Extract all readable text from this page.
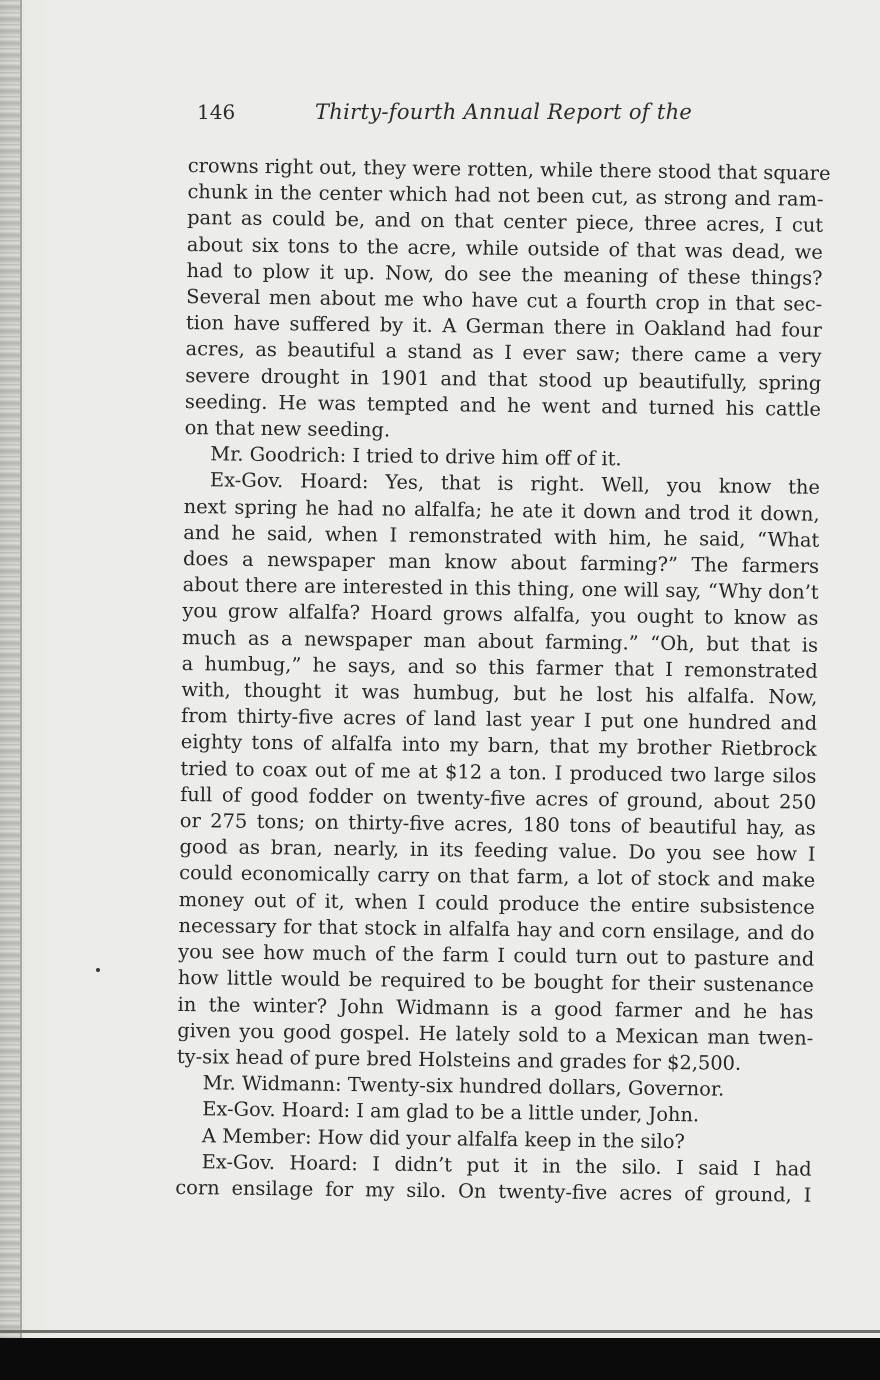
146	Thirty-fourth Annual Report of the
crowns right out, they were rotten, while there stood that square
chunk in the center which had not been cut, as strong and ram-
pant as could be, and on that center piece, three acres, I cut
about six tons to the acre, while outside of that was dead, we
had to plow it up. Now, do see the meaning of these things?
Several men about me who have cut a fourth crop in that sec-
tion have suffered by it. A German there in Oakland had four
acres, as beautiful a stand as I ever saw; there came a very
severe drought in 1901 and that stood up beautifully, spring
seeding. He was tempted and he went and turned his cattle
on that new seeding.
Mr. Goodrich: I tried to drive him off of it.
Ex-Gov. Hoard: Yes, that is right. Well, you know the
next spring he had no alfalfa; he ate it down and trod it down,
and he said, when I remonstrated with him, he said, “What
does a newspaper man know about farming?” The farmers
about there are interested in this thing, one will say, “Why don’t
you grow alfalfa? Hoard grows alfalfa, you ought to know as
much as a newspaper man about farming.” “Oh, but that is
a humbug,” he says, and so this farmer that I remonstrated
with, thought it was humbug, but he lost his alfalfa. Now,
from thirty-five acres of land last year I put one hundred and
eighty tons of alfalfa into my barn, that my brother Rietbrock
tried to coax out of me at $12 a ton. I produced two large silos
full of good fodder on twenty-five acres of ground, about 250
or 275 tons; on thirty-five acres, 180 tons of beautiful hay, as
good as bran, nearly, in its feeding value. Do you see how I
could economically carry on that farm, a lot of stock and make
money out of it, when I could produce the entire subsistence
necessary for that stock in alfalfa hay and corn ensilage, and do
you see how much of the farm I could turn out to pasture and
how little would be required to be bought for their sustenance
in the winter? John Widmann is a good farmer and he has
given you good gospel. He lately sold to a Mexican man twen-
ty-six head of pure bred Holsteins and grades for $2,500.
Mr. Widmann: Twenty-six hundred dollars, Governor.
Ex-Gov. Hoard: I am glad to be a little under, John.
A Member: How did your alfalfa keep in the silo?
Ex-Gov. Hoard: I didn’t put it in the silo. I said I had
corn ensilage for my silo. On twenty-five acres of ground, I
